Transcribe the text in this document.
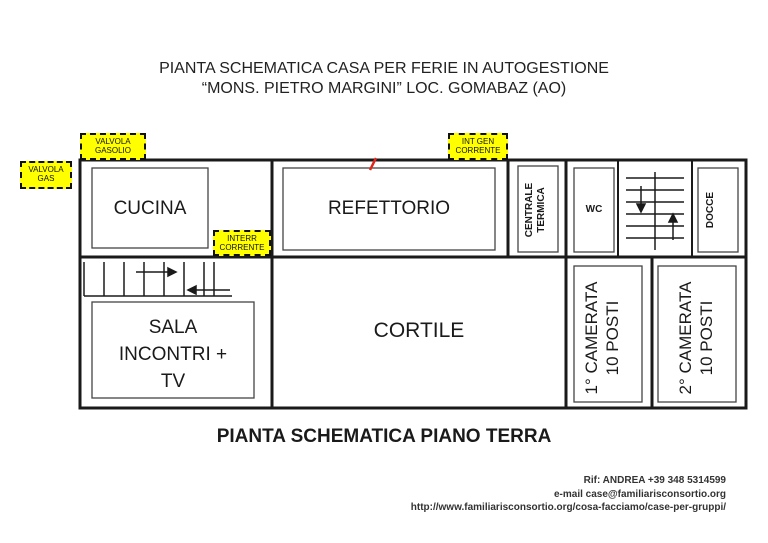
PIANTA SCHEMATICA CASA PER FERIE IN AUTOGESTIONE
“MONS. PIETRO MARGINI” LOC. GOMABAZ (AO)
CUCINA	REFETTORIO	CENTRALE TERMICA	WC	DOCCE
SALA
INCONTRI +
TV
CORTILE	1° CAMERATA 10 POSTI	2° CAMERATA 10 POSTI
VALVOLA
GASOLIO
VALVOLA
GAS
INT GEN
CORRENTE
INTERR
CORRENTE
PIANTA SCHEMATICA PIANO TERRA
Rif: ANDREA +39 348 5314599
e-mail case@familiarisconsortio.org
http://www.familiarisconsortio.org/cosa-facciamo/case-per-gruppi/
